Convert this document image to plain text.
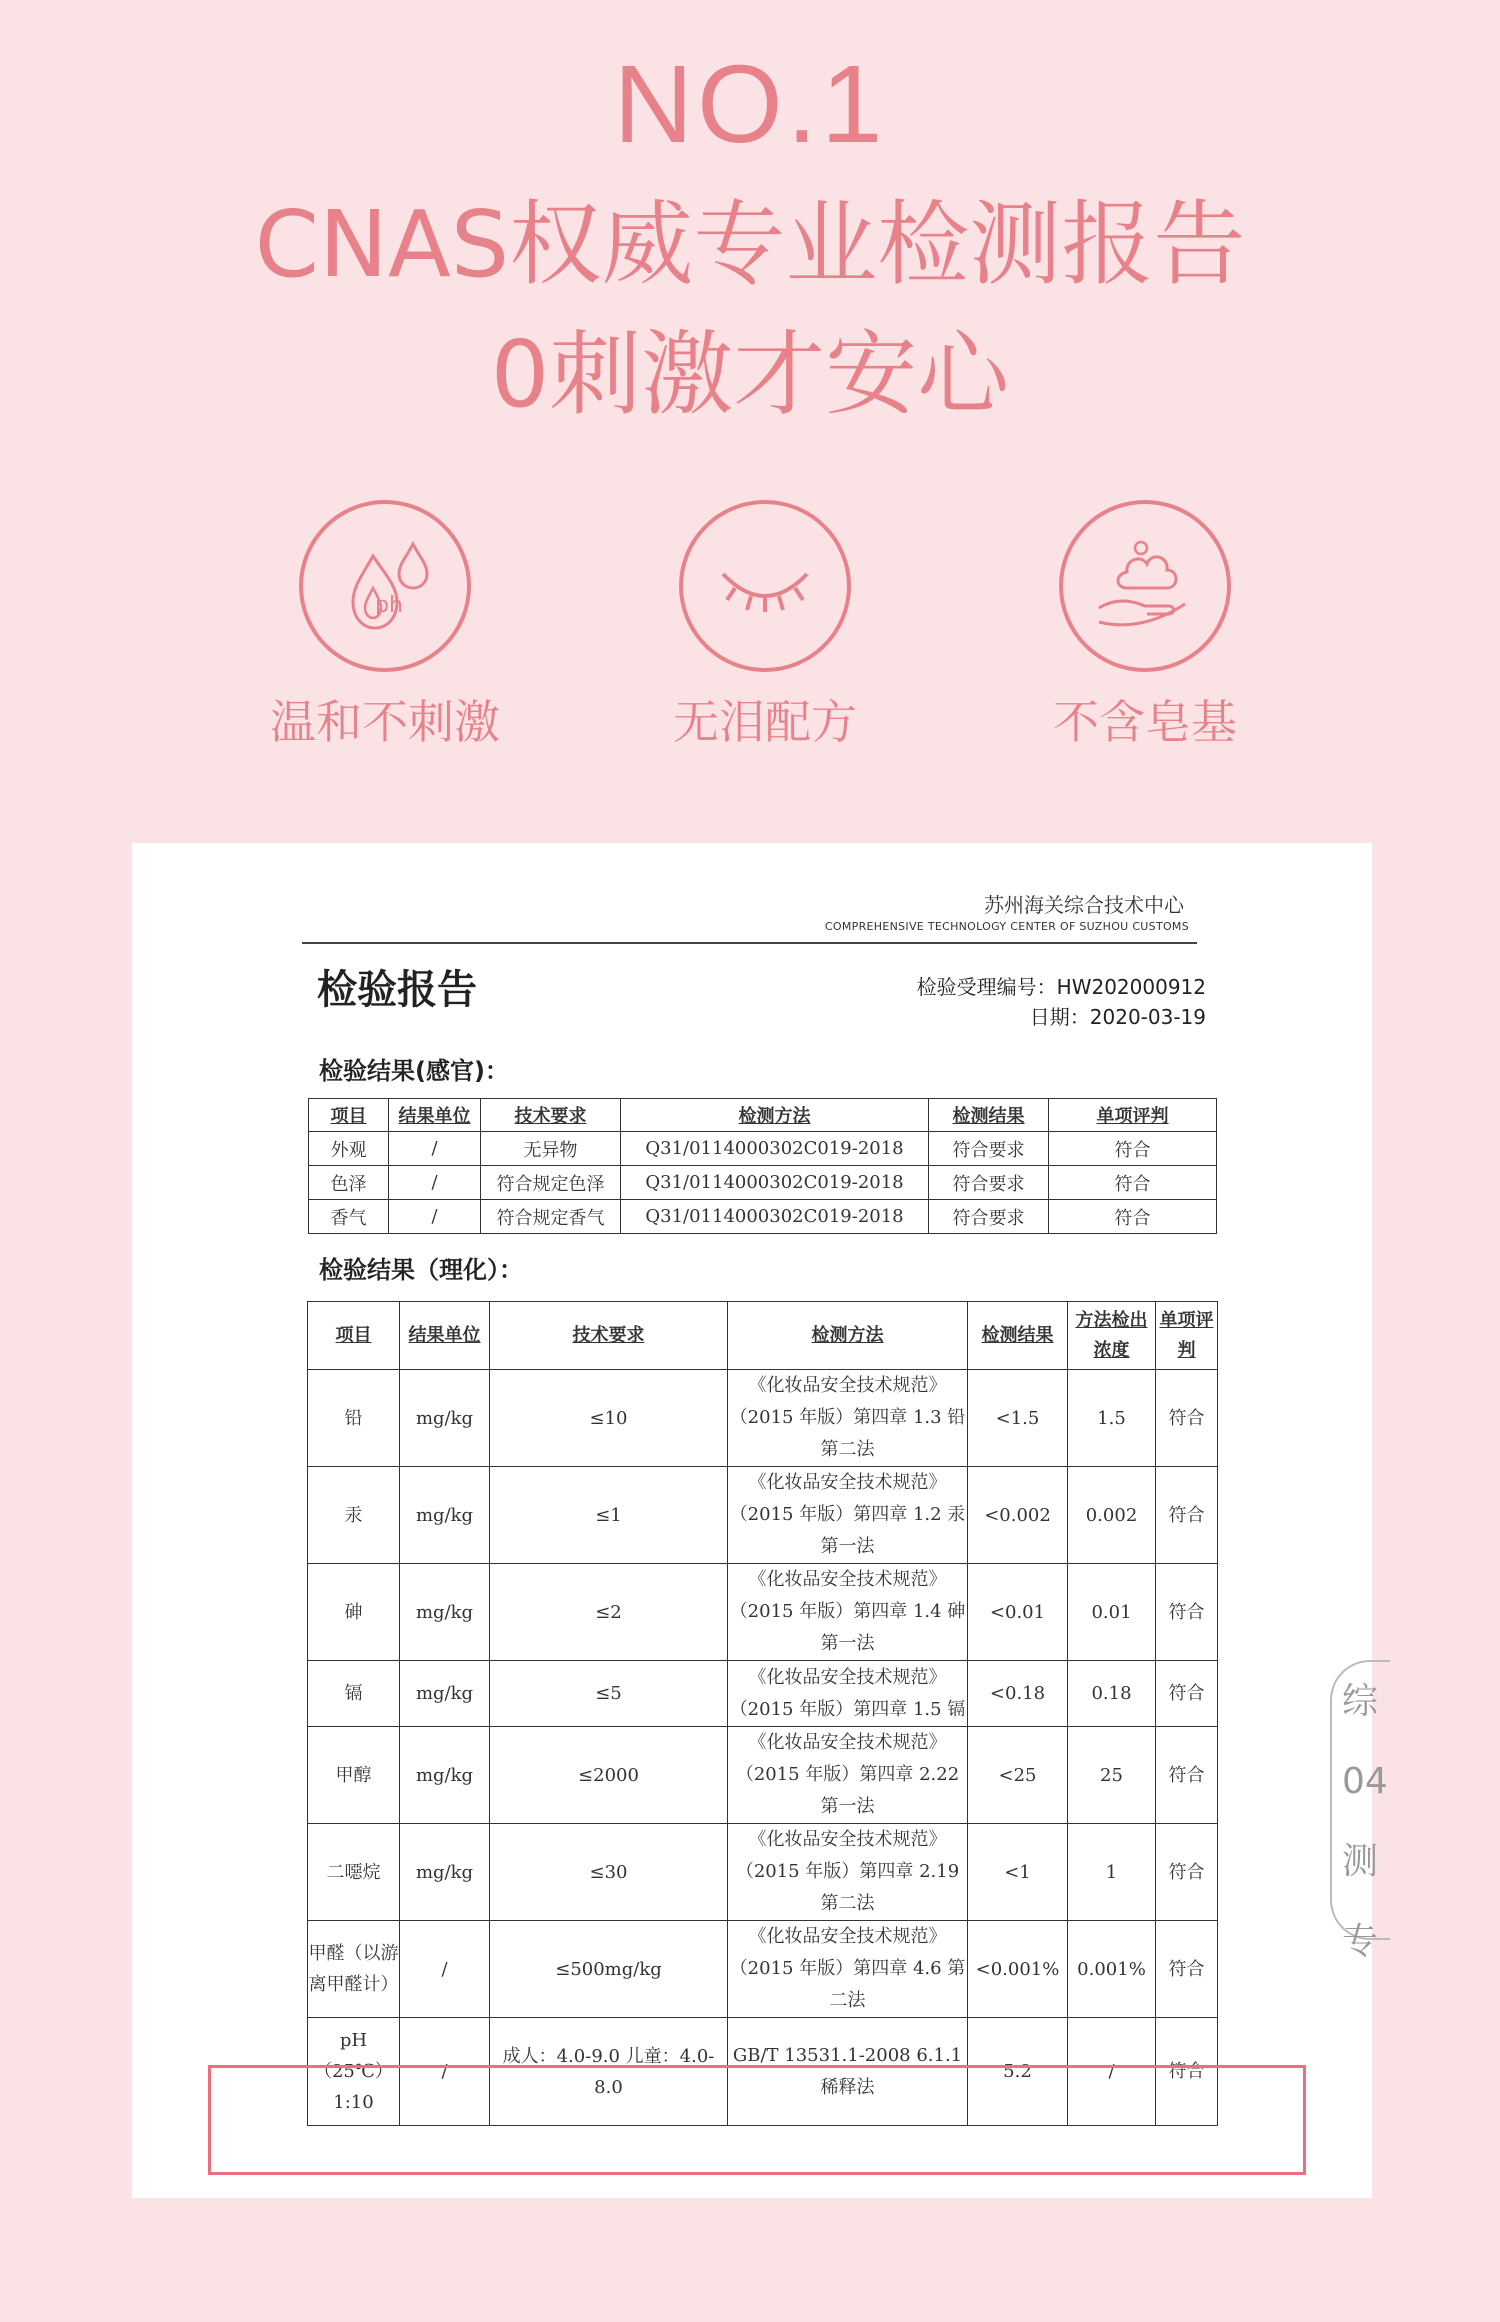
NO.1
CNAS权威专业检测报告
0刺激才安心
ph
温和不刺激	无泪配方	不含皂基
苏州海关综合技术中心
COMPREHENSIVE TECHNOLOGY CENTER OF SUZHOU CUSTOMS
检验报告	检验受理编号：HW202000912
日期：2020-03-19
检验结果(感官)：
项目	结果单位	技术要求	检测方法	检测结果	单项评判
外观	/	无异物	Q31/0114000302C019-2018	符合要求	符合
色泽	/	符合规定色泽	Q31/0114000302C019-2018	符合要求	符合
香气	/	符合规定香气	Q31/0114000302C019-2018	符合要求	符合
检验结果（理化）：
项目	结果单位	技术要求	检测方法	检测结果	方法检出浓度	单项评判
铅	mg/kg	≤10	《化妆品安全技术规范》（2015 年版）第四章 1.3 铅 第二法	<1.5	1.5	符合
汞	mg/kg	≤1	《化妆品安全技术规范》（2015 年版）第四章 1.2 汞 第一法	<0.002	0.002	符合
砷	mg/kg	≤2	《化妆品安全技术规范》（2015 年版）第四章 1.4 砷 第一法	<0.01	0.01	符合
镉	mg/kg	≤5	《化妆品安全技术规范》（2015 年版）第四章 1.5 镉	<0.18	0.18	符合
甲醇	mg/kg	≤2000	《化妆品安全技术规范》（2015 年版）第四章 2.22 第一法	<25	25	符合
二噁烷	mg/kg	≤30	《化妆品安全技术规范》（2015 年版）第四章 2.19 第二法	<1	1	符合
甲醛（以游离甲醛计）	/	≤500mg/kg	《化妆品安全技术规范》（2015 年版）第四章 4.6 第二法	<0.001%	0.001%	符合
pH（25℃）1:10	/	成人：4.0-9.0 儿童：4.0-8.0	GB/T 13531.1-2008 6.1.1 稀释法	5.2	/	符合
综 04 测专
